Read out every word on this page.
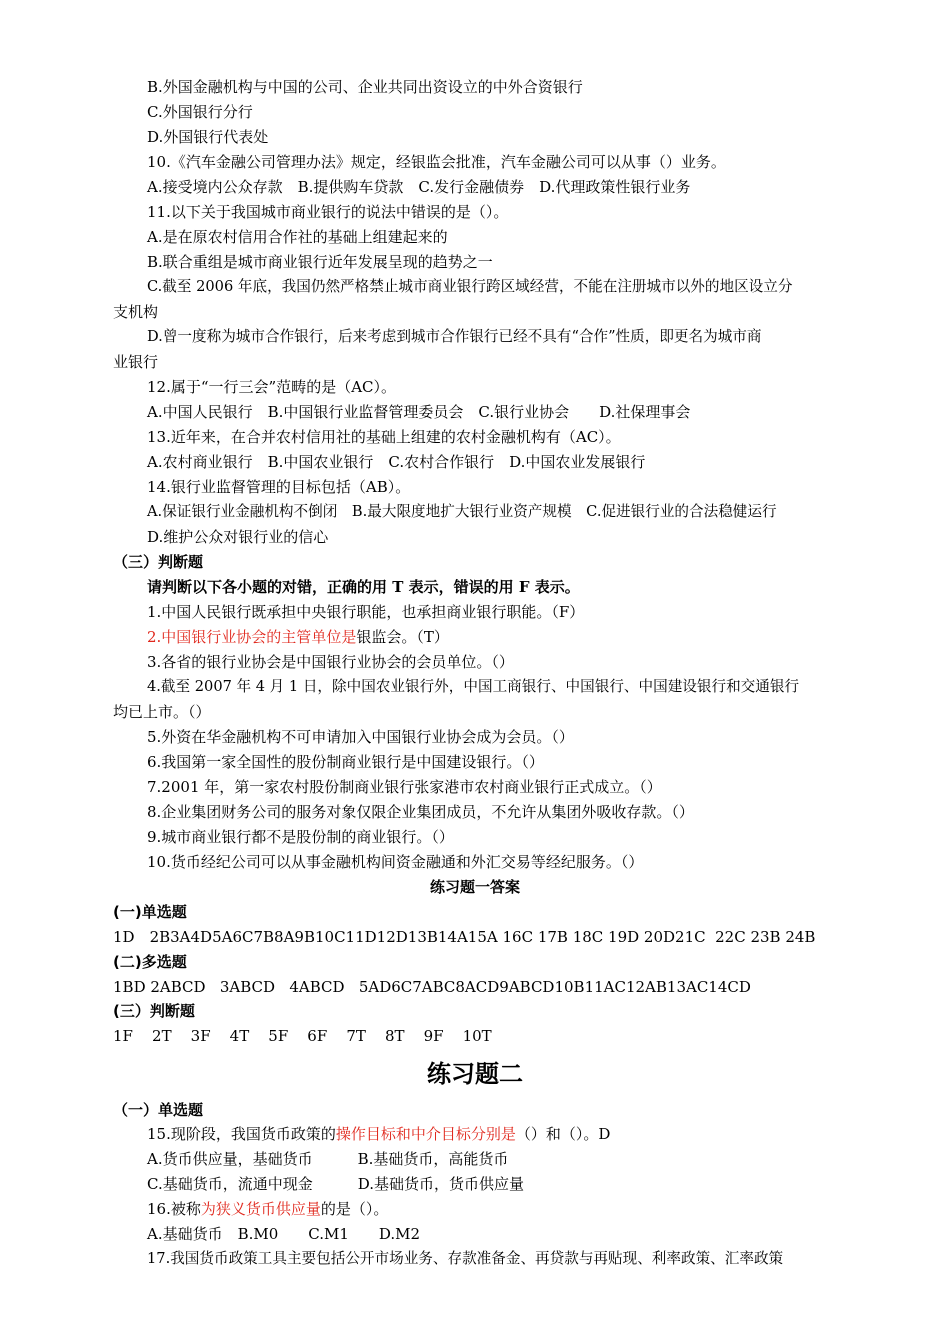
B.外国金融机构与中国的公司、企业共同出资设立的中外合资银行
C.外国银行分行
D.外国银行代表处
10.《汽车金融公司管理办法》规定，经银监会批准，汽车金融公司可以从事（）业务。
A.接受境内公众存款　B.提供购车贷款　C.发行金融债券　D.代理政策性银行业务
11.以下关于我国城市商业银行的说法中错误的是（）。
A.是在原农村信用合作社的基础上组建起来的
B.联合重组是城市商业银行近年发展呈现的趋势之一
C.截至 2006 年底，我国仍然严格禁止城市商业银行跨区域经营，不能在注册城市以外的地区设立分
支机构
D.曾一度称为城市合作银行，后来考虑到城市合作银行已经不具有“合作”性质，即更名为城市商
业银行
12.属于“一行三会”范畴的是（AC）。
A.中国人民银行　B.中国银行业监督管理委员会　C.银行业协会　　D.社保理事会
13.近年来，在合并农村信用社的基础上组建的农村金融机构有（AC）。
A.农村商业银行　B.中国农业银行　C.农村合作银行　D.中国农业发展银行
14.银行业监督管理的目标包括（AB）。
A.保证银行业金融机构不倒闭　B.最大限度地扩大银行业资产规模　C.促进银行业的合法稳健运行
D.维护公众对银行业的信心
（三）判断题
请判断以下各小题的对错，正确的用 T 表示，错误的用 F 表示。
1.中国人民银行既承担中央银行职能，也承担商业银行职能。（F）
2.中国银行业协会的主管单位是银监会。（T）
3.各省的银行业协会是中国银行业协会的会员单位。（）
4.截至 2007 年 4 月 1 日，除中国农业银行外，中国工商银行、中国银行、中国建设银行和交通银行
均已上市。（）
5.外资在华金融机构不可申请加入中国银行业协会成为会员。（）
6.我国第一家全国性的股份制商业银行是中国建设银行。（）
7.2001 年，第一家农村股份制商业银行张家港市农村商业银行正式成立。（）
8.企业集团财务公司的服务对象仅限企业集团成员，不允许从集团外吸收存款。（）
9.城市商业银行都不是股份制的商业银行。（）
10.货币经纪公司可以从事金融机构间资金融通和外汇交易等经纪服务。（）
练习题一答案
(一)单选题
1D　2B3A4D5A6C7B8A9B10C11D12D13B14A15A 16C 17B 18C 19D 20D21C  22C 23B 24B
(二)多选题
1BD 2ABCD   3ABCD   4ABCD   5AD6C7ABC8ACD9ABCD10B11AC12AB13AC14CD
(三）判断题
1F    2T    3F    4T    5F    6F    7T    8T    9F    10T
练习题二
（一）单选题
15.现阶段，我国货币政策的操作目标和中介目标分别是（）和（）。D
A.货币供应量，基础货币　　　B.基础货币，高能货币
C.基础货币，流通中现金　　　D.基础货币，货币供应量
16.被称为狭义货币供应量的是（）。
A.基础货币　B.M0　　C.M1　　D.M2
17.我国货币政策工具主要包括公开市场业务、存款准备金、再贷款与再贴现、利率政策、汇率政策
